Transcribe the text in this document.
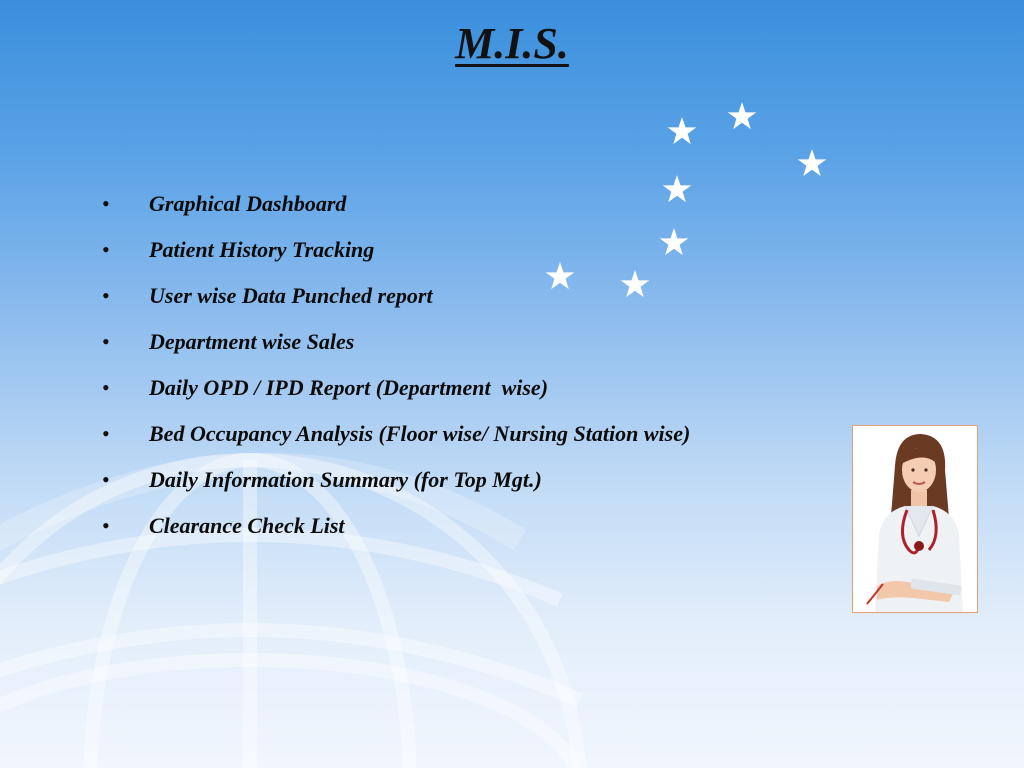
M.I.S.
•	Graphical Dashboard
•	Patient History Tracking
•	User wise Data Punched report
•	Department wise Sales
•	Daily OPD / IPD Report (Department  wise)
•	Bed Occupancy Analysis (Floor wise/ Nursing Station wise)
•	Daily Information Summary (for Top Mgt.)
•	Clearance Check List
